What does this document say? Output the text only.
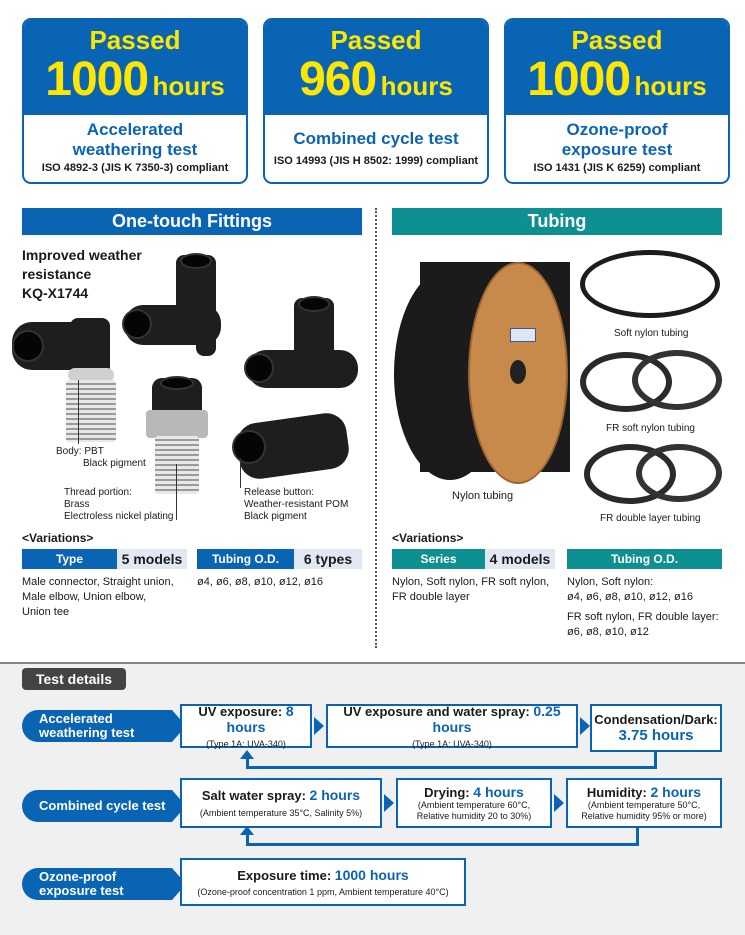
Passed
1000 hours
Accelerated
weathering test
ISO 4892-3 (JIS K 7350-3) compliant
Passed
960 hours
Combined cycle test
ISO 14993 (JIS H 8502: 1999) compliant
Passed
1000 hours
Ozone-proof
exposure test
ISO 1431 (JIS K 6259) compliant
One-touch Fittings	Tubing
Improved weather
resistance
KQ-X1744
Body: PBT
Black pigment
Thread portion:
Brass
Electroless nickel plating
Release button:
Weather-resistant POM
Black pigment
<Variations>
Type	5 models	Tubing O.D.	6 types
Male connector, Straight union,
Male elbow, Union elbow,
Union tee
ø4, ø6, ø8, ø10, ø12, ø16
Nylon tubing
Soft nylon tubing
FR soft nylon tubing
FR double layer tubing
<Variations>
Series	4 models	Tubing O.D.
Nylon, Soft nylon, FR soft nylon,
FR double layer
Nylon, Soft nylon:
ø4, ø6, ø8, ø10, ø12, ø16
FR soft nylon, FR double layer:
ø6, ø8, ø10, ø12
Test details
Accelerated
weathering test
UV exposure: 8 hours
(Type 1A: UVA-340)
UV exposure and water spray: 0.25 hours
(Type 1A: UVA-340)
Condensation/Dark:
3.75 hours
Combined cycle test
Salt water spray: 2 hours
(Ambient temperature 35°C, Salinity 5%)
Drying: 4 hours
(Ambient temperature 60°C,
Relative humidity 20 to 30%)
Humidity: 2 hours
(Ambient temperature 50°C,
Relative humidity 95% or more)
Ozone-proof
exposure test
Exposure time: 1000 hours
(Ozone-proof concentration 1 ppm, Ambient temperature 40°C)
